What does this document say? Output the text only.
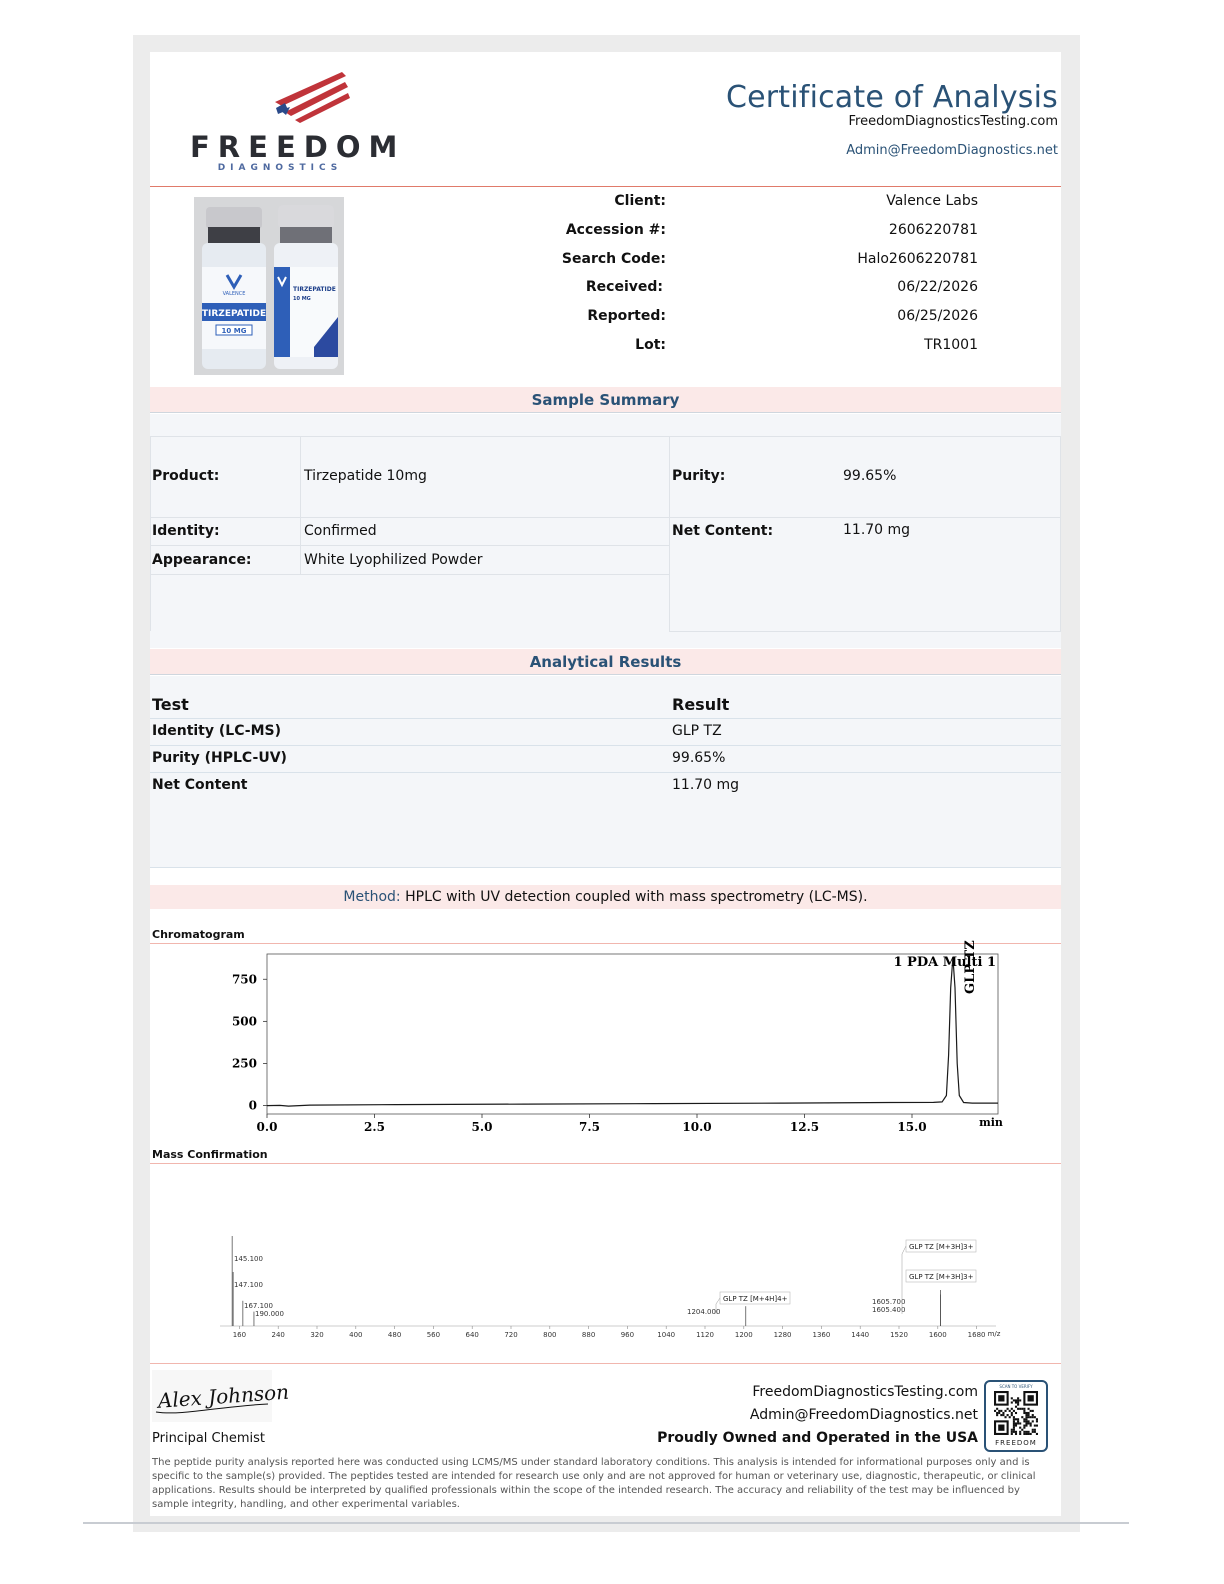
FREEDOM
DIAGNOSTICS
Certificate of Analysis
FreedomDiagnosticsTesting.com
Admin@FreedomDiagnostics.net
TIRZEPATIDE
10 MG
VALENCE
TIRZEPATIDE
10 MG
Client:	Valence Labs
Accession #:	2606220781
Search Code:	Halo2606220781
Received:	06/22/2026
Reported:	06/25/2026
Lot:	TR1001
Sample Summary
Product:	Tirzepatide 10mg	Purity:	99.65%
Identity:	Confirmed	Net Content:	11.70 mg
Appearance:	White Lyophilized Powder
Analytical Results
Test	Result
Identity (LC-MS)	GLP TZ
Purity (HPLC-UV)	99.65%
Net Content	11.70 mg
Method: HPLC with UV detection coupled with mass spectrometry (LC-MS).
Chromatogram
0.0	2.5	5.0	7.5	10.0	12.5	15.0
0
250
500
750
1 PDA Multi 1
GLP TZ
min
Mass Confirmation
160	240	320	400	480	560	640	720	800	880	960	1040	1120	1200	1280	1360	1440	1520	1600	1680
145.100
147.100
167.100
190.000	1204.000
1605.700
1605.400
GLP TZ [M+4H]4+
GLP TZ [M+3H]3+
GLP TZ [M+3H]3+
m/z
Alex Johnson
Principal Chemist
FreedomDiagnosticsTesting.com
Admin@FreedomDiagnostics.net
Proudly Owned and Operated in the USA
SCAN TO VERIFY
FREEDOM
The peptide purity analysis reported here was conducted using LCMS/MS under standard laboratory conditions. This analysis is intended for informational purposes only and is specific to the sample(s) provided. The peptides tested are intended for research use only and are not approved for human or veterinary use, diagnostic, therapeutic, or clinical applications. Results should be interpreted by qualified professionals within the scope of the intended research. The accuracy and reliability of the test may be influenced by sample integrity, handling, and other experimental variables.
